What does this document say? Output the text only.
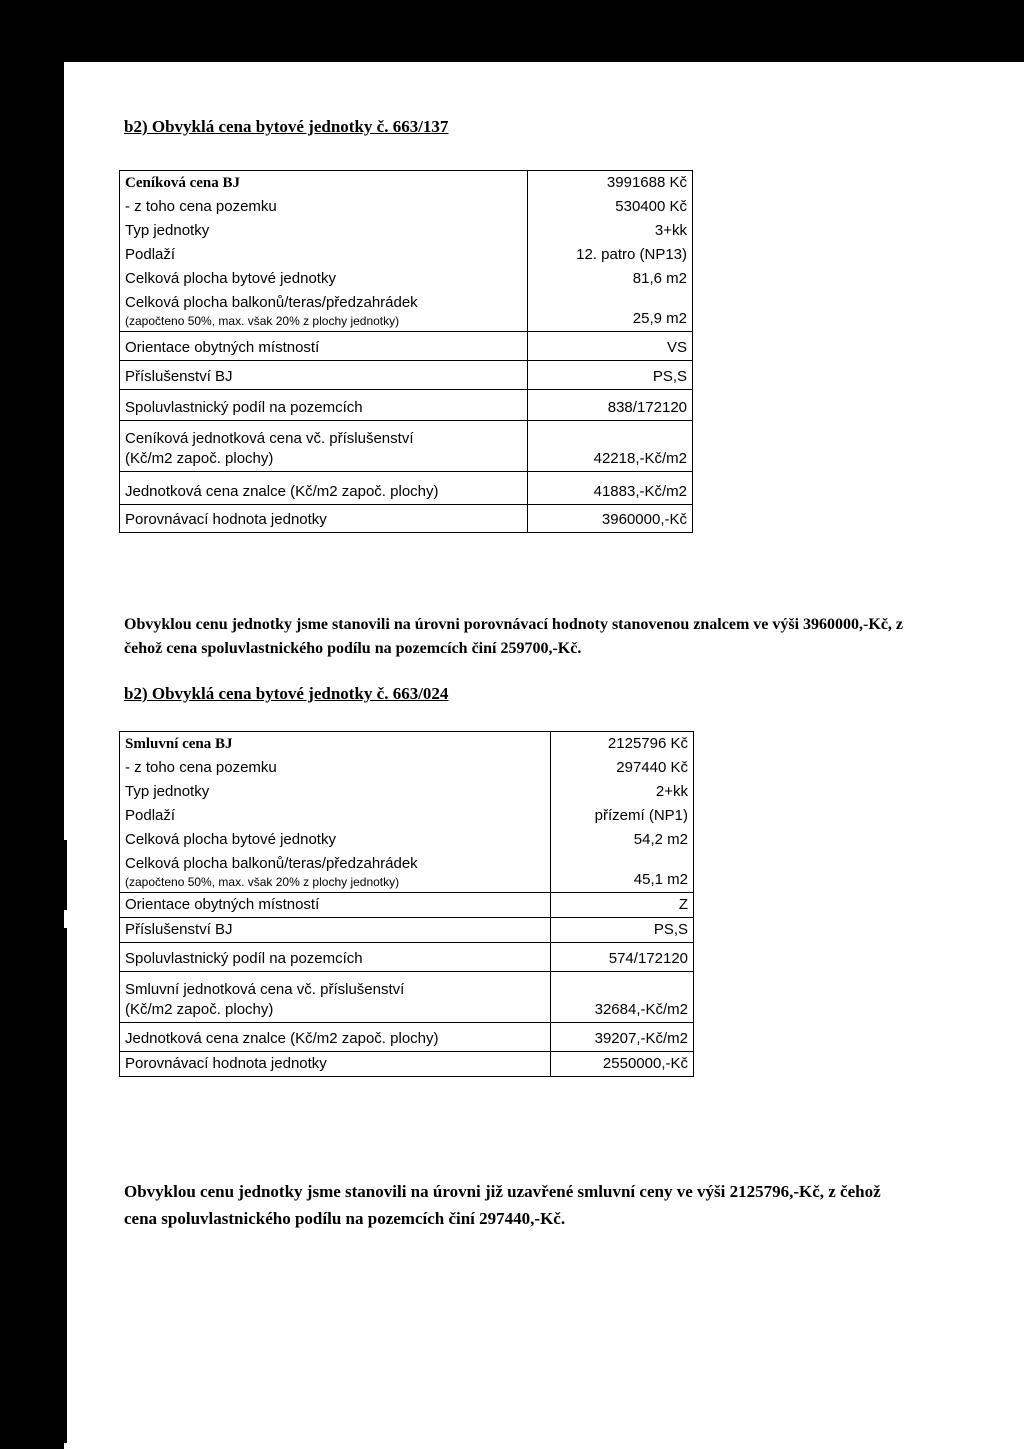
b2) Obvyklá cena bytové jednotky č. 663/137

Ceníková cena BJ	3991688 Kč
- z toho cena pozemku	530400 Kč
Typ jednotky	3+kk
Podlaží	12. patro (NP13)
Celková plocha bytové jednotky	81,6 m2

Celková plocha balkonů/teras/předzahrádek
(započteno 50%, max. však 20% z plochy jednotky)	25,9 m2
Orientace obytných místností	VS
Příslušenství BJ	PS,S
Spoluvlastnický podíl na pozemcích	838/172120

Ceníková jednotková cena vč. příslušenství
(Kč/m2 započ. plochy)	42218,-Kč/m2
Jednotková cena znalce (Kč/m2 započ. plochy)	41883,-Kč/m2
Porovnávací hodnota jednotky	3960000,-Kč

Obvyklou cenu jednotky jsme stanovili na úrovni porovnávací hodnoty stanovenou znalcem ve výši 3960000,-Kč, z čehož cena spoluvlastnického podílu na pozemcích činí 259700,-Kč.

b2) Obvyklá cena bytové jednotky č. 663/024

Smluvní cena BJ	2125796 Kč
- z toho cena pozemku	297440 Kč
Typ jednotky	2+kk
Podlaží	přízemí (NP1)
Celková plocha bytové jednotky	54,2 m2

Celková plocha balkonů/teras/předzahrádek
(započteno 50%, max. však 20% z plochy jednotky)	45,1 m2
Orientace obytných místností	Z
Příslušenství BJ	PS,S
Spoluvlastnický podíl na pozemcích	574/172120

Smluvní jednotková cena vč. příslušenství
(Kč/m2 započ. plochy)	32684,-Kč/m2
Jednotková cena znalce (Kč/m2 započ. plochy)	39207,-Kč/m2
Porovnávací hodnota jednotky	2550000,-Kč

Obvyklou cenu jednotky jsme stanovili na úrovni již uzavřené smluvní ceny ve výši 2125796,-Kč, z čehož cena spoluvlastnického podílu na pozemcích činí 297440,-Kč.
